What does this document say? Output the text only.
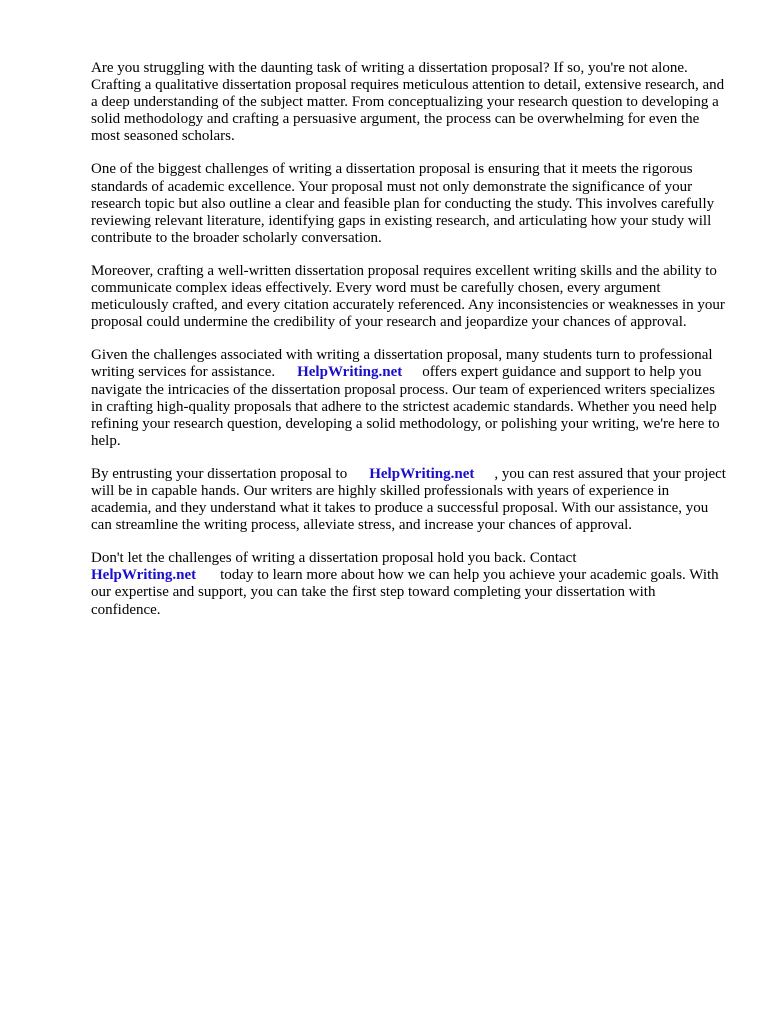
Are you struggling with the daunting task of writing a dissertation proposal? If so, you're not alone. Crafting a qualitative dissertation proposal requires meticulous attention to detail, extensive research, and a deep understanding of the subject matter. From conceptualizing your research question to developing a solid methodology and crafting a persuasive argument, the process can be overwhelming for even the most seasoned scholars.

One of the biggest challenges of writing a dissertation proposal is ensuring that it meets the rigorous standards of academic excellence. Your proposal must not only demonstrate the significance of your research topic but also outline a clear and feasible plan for conducting the study. This involves carefully reviewing relevant literature, identifying gaps in existing research, and articulating how your study will contribute to the broader scholarly conversation.

Moreover, crafting a well-written dissertation proposal requires excellent writing skills and the ability to communicate complex ideas effectively. Every word must be carefully chosen, every argument meticulously crafted, and every citation accurately referenced. Any inconsistencies or weaknesses in your proposal could undermine the credibility of your research and jeopardize your chances of approval.

Given the challenges associated with writing a dissertation proposal, many students turn to professional writing services for assistance. HelpWriting.net offers expert guidance and support to help you navigate the intricacies of the dissertation proposal process. Our team of experienced writers specializes in crafting high-quality proposals that adhere to the strictest academic standards. Whether you need help refining your research question, developing a solid methodology, or polishing your writing, we're here to help.

By entrusting your dissertation proposal to HelpWriting.net , you can rest assured that your project will be in capable hands. Our writers are highly skilled professionals with years of experience in academia, and they understand what it takes to produce a successful proposal. With our assistance, you can streamline the writing process, alleviate stress, and increase your chances of approval.

Don't let the challenges of writing a dissertation proposal hold you back. Contact
HelpWriting.net today to learn more about how we can help you achieve your academic goals. With our expertise and support, you can take the first step toward completing your dissertation with confidence.
